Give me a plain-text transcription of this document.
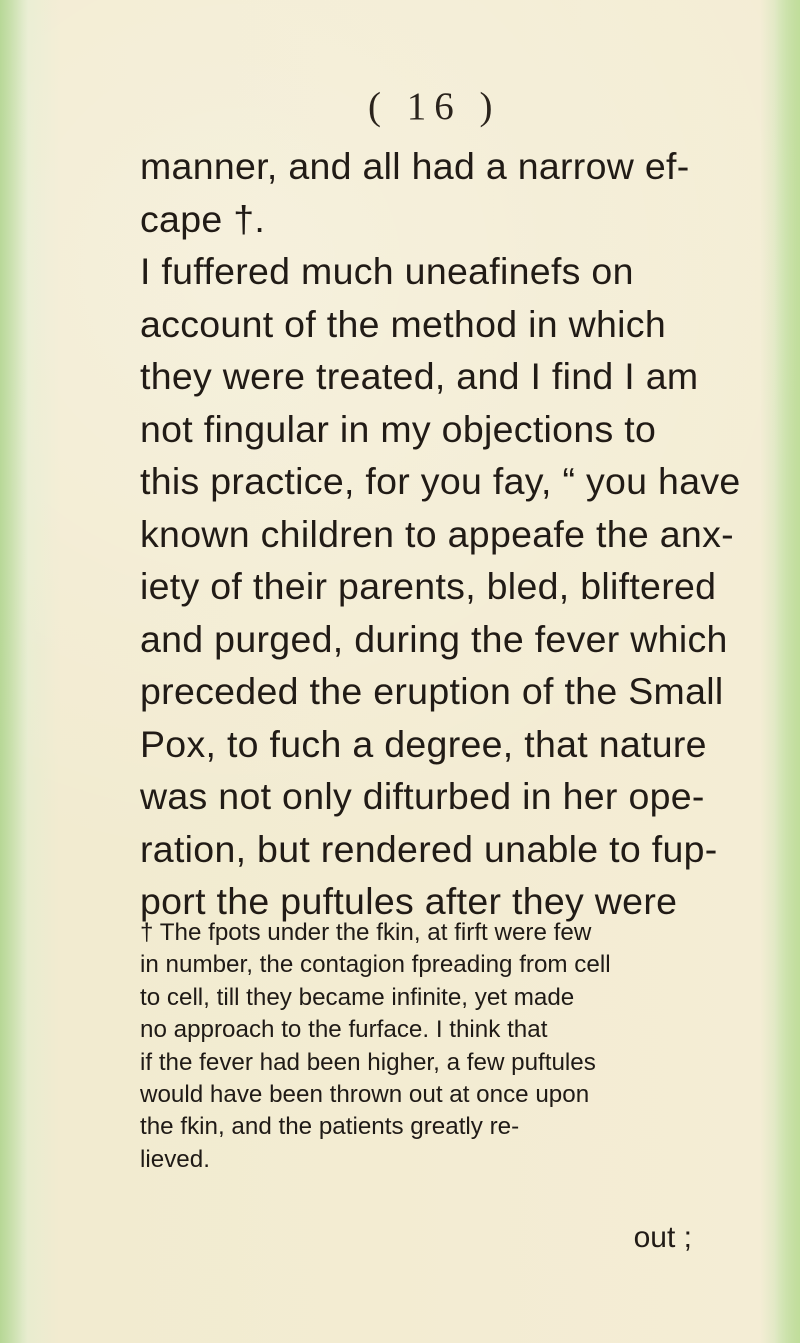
( 16 )
manner, and all had a narrow ef-
cape †.
I fuffered much uneafinefs on
account of the method in which
they were treated, and I find I am
not fingular in my objections to
this practice, for you fay, “ you have
known children to appeafe the anx-
iety of their parents, bled, bliftered
and purged, during the fever which
preceded the eruption of the Small
Pox, to fuch a degree, that nature
was not only difturbed in her ope-
ration, but rendered unable to fup-
port the puftules after they were
† The fpots under the fkin, at firft were few
in number, the contagion fpreading from cell
to cell, till they became infinite, yet made
no approach to the furface. I think that
if the fever had been higher, a few puftules
would have been thrown out at once upon
the fkin, and the patients greatly re-
lieved.
out ;
